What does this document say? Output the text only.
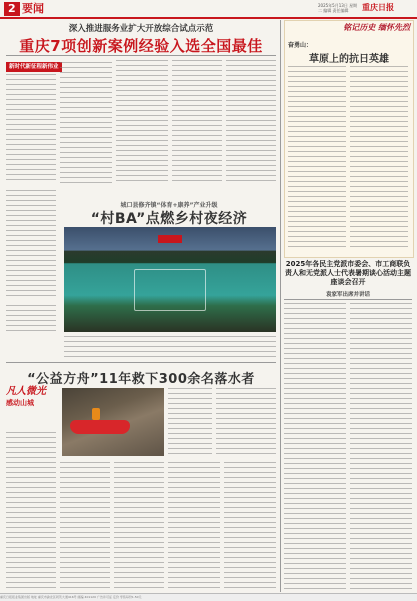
2 要闻	2025年5月13日 星期二 编辑 责任编辑	重庆日报
深入推进服务业扩大开放综合试点示范
重庆7项创新案例经验入选全国最佳
新时代新征程新伟业
城口县修齐镇“体育+康养”产业升级
“村BA”点燃乡村夜经济
“公益方舟”11年救下300余名落水者
凡人微光
感动山城
铭记历史 缅怀先烈
奋勇山：
草原上的抗日英雄
2025年各民主党派市委会、市工商联负责人和无党派人士代表暑期谈心活动主题座谈会召开
袁家军出席并讲话
重庆日报报业集团出版 地址 重庆市渝北区同茂大道416号 邮编 401120 广告许可证 定价 零售每份1.50元
